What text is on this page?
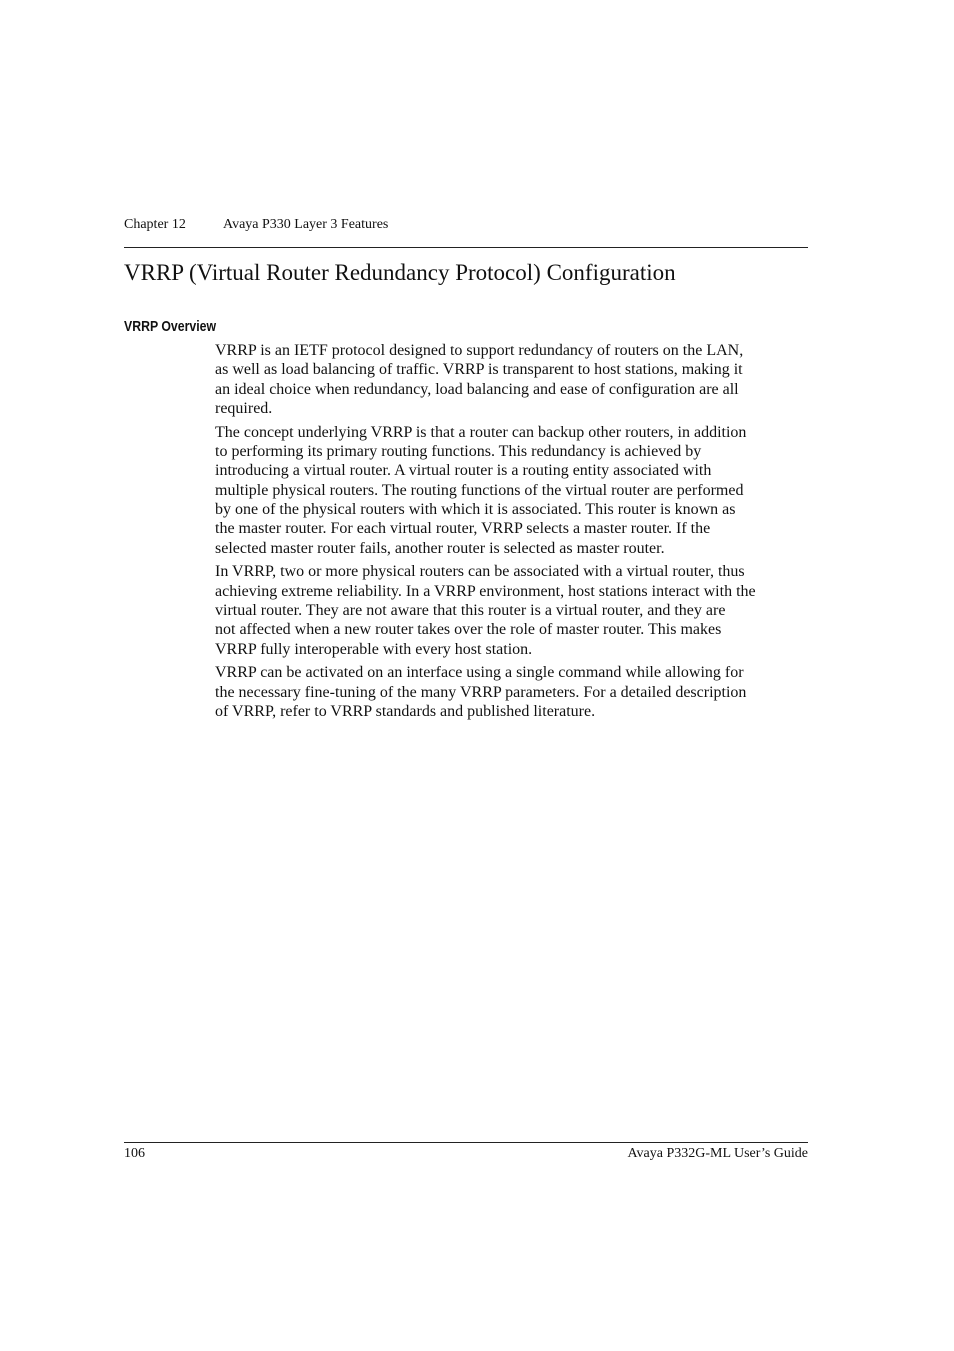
Chapter 12	Avaya P330 Layer 3 Features
VRRP (Virtual Router Redundancy Protocol) Configuration
VRRP Overview

VRRP is an IETF protocol designed to support redundancy of routers on the LAN,
as well as load balancing of traffic. VRRP is transparent to host stations, making it
an ideal choice when redundancy, load balancing and ease of configuration are all
required.

The concept underlying VRRP is that a router can backup other routers, in addition
to performing its primary routing functions. This redundancy is achieved by
introducing a virtual router. A virtual router is a routing entity associated with
multiple physical routers. The routing functions of the virtual router are performed
by one of the physical routers with which it is associated. This router is known as
the master router. For each virtual router, VRRP selects a master router. If the
selected master router fails, another router is selected as master router.

In VRRP, two or more physical routers can be associated with a virtual router, thus
achieving extreme reliability. In a VRRP environment, host stations interact with the
virtual router. They are not aware that this router is a virtual router, and they are
not affected when a new router takes over the role of master router. This makes
VRRP fully interoperable with every host station.

VRRP can be activated on an interface using a single command while allowing for
the necessary fine-tuning of the many VRRP parameters. For a detailed description
of VRRP, refer to VRRP standards and published literature.

106	Avaya P332G-ML User’s Guide
